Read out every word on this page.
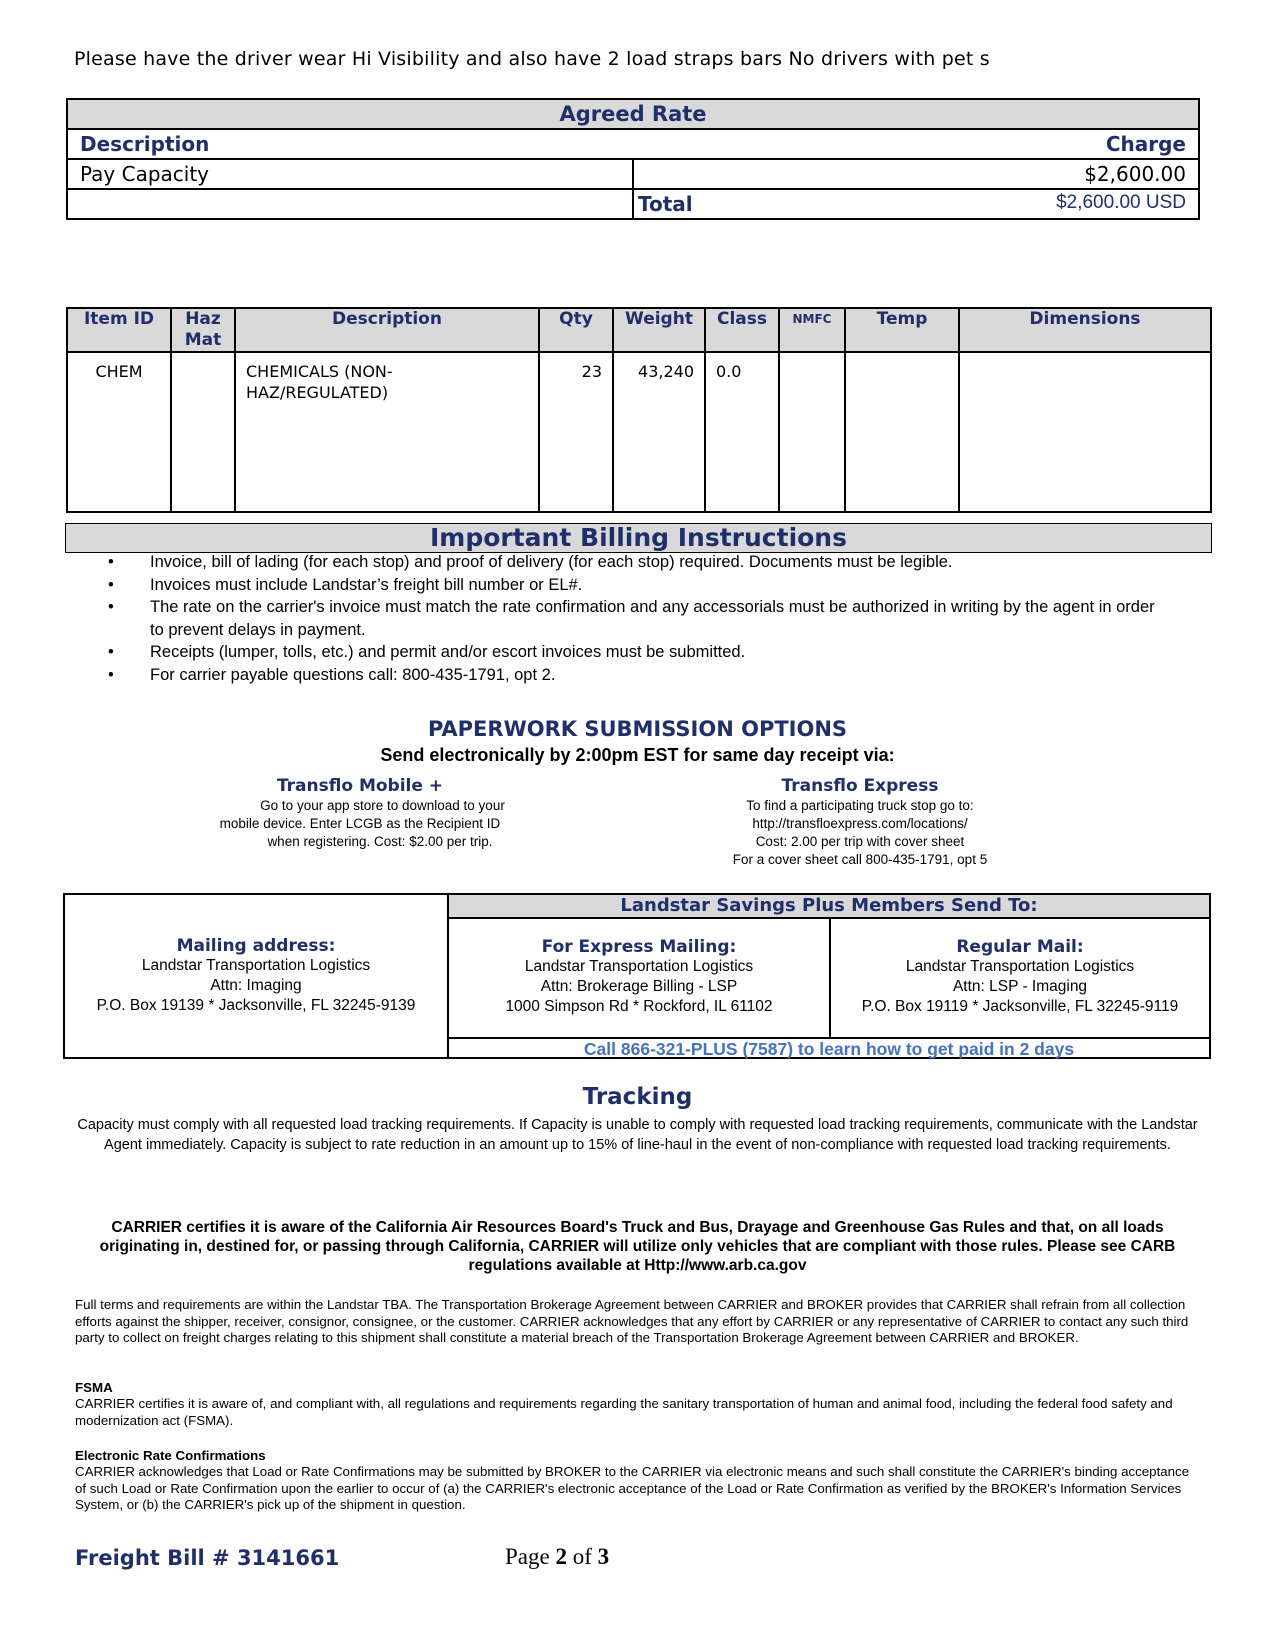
Please have the driver wear Hi Visibility and also have 2 load straps bars No drivers with pet s
Agreed Rate	
Description	Charge
Pay Capacity	$2,600.00
	Total $2,600.00 USD
Item ID	Haz Mat	Description	Qty	Weight	Class	NMFC	Temp	Dimensions
CHEM		CHEMICALS (NON-HAZ/REGULATED)	23	43,240	0.0			
Important Billing Instructions
• Invoice, bill of lading (for each stop) and proof of delivery (for each stop) required. Documents must be legible.
• Invoices must include Landstar’s freight bill number or EL#.
• The rate on the carrier's invoice must match the rate confirmation and any accessorials must be authorized in writing by the agent in order to prevent delays in payment.
• Receipts (lumper, tolls, etc.) and permit and/or escort invoices must be submitted.
• For carrier payable questions call: 800-435-1791, opt 2.
PAPERWORK SUBMISSION OPTIONS
Send electronically by 2:00pm EST for same day receipt via:
Transflo Mobile +
Go to your app store to download to your
mobile device. Enter LCGB as the Recipient ID
when registering. Cost: $2.00 per trip.
Transflo Express
To find a participating truck stop go to:
http://transfloexpress.com/locations/
Cost: 2.00 per trip with cover sheet
For a cover sheet call 800-435-1791, opt 5
Mailing address:
Landstar Transportation Logistics
Attn: Imaging
P.O. Box 19139 * Jacksonville, FL 32245-9139
Landstar Savings Plus Members Send To:
For Express Mailing:
Landstar Transportation Logistics
Attn: Brokerage Billing - LSP
1000 Simpson Rd * Rockford, IL 61102
Regular Mail:
Landstar Transportation Logistics
Attn: LSP - Imaging
P.O. Box 19119 * Jacksonville, FL 32245-9119
Call 866-321-PLUS (7587) to learn how to get paid in 2 days
Tracking
Capacity must comply with all requested load tracking requirements. If Capacity is unable to comply with requested load tracking requirements, communicate with the Landstar Agent immediately. Capacity is subject to rate reduction in an amount up to 15% of line-haul in the event of non-compliance with requested load tracking requirements.
CARRIER certifies it is aware of the California Air Resources Board's Truck and Bus, Drayage and Greenhouse Gas Rules and that, on all loads originating in, destined for, or passing through California, CARRIER will utilize only vehicles that are compliant with those rules. Please see CARB regulations available at Http://www.arb.ca.gov
Full terms and requirements are within the Landstar TBA. The Transportation Brokerage Agreement between CARRIER and BROKER provides that CARRIER shall refrain from all collection efforts against the shipper, receiver, consignor, consignee, or the customer. CARRIER acknowledges that any effort by CARRIER or any representative of CARRIER to contact any such third party to collect on freight charges relating to this shipment shall constitute a material breach of the Transportation Brokerage Agreement between CARRIER and BROKER.
FSMA
CARRIER certifies it is aware of, and compliant with, all regulations and requirements regarding the sanitary transportation of human and animal food, including the federal food safety and modernization act (FSMA).
Electronic Rate Confirmations
CARRIER acknowledges that Load or Rate Confirmations may be submitted by BROKER to the CARRIER via electronic means and such shall constitute the CARRIER's binding acceptance of such Load or Rate Confirmation upon the earlier to occur of (a) the CARRIER's electronic acceptance of the Load or Rate Confirmation as verified by the BROKER's Information Services System, or (b) the CARRIER's pick up of the shipment in question.
Freight Bill # 3141661	Page 2 of 3
